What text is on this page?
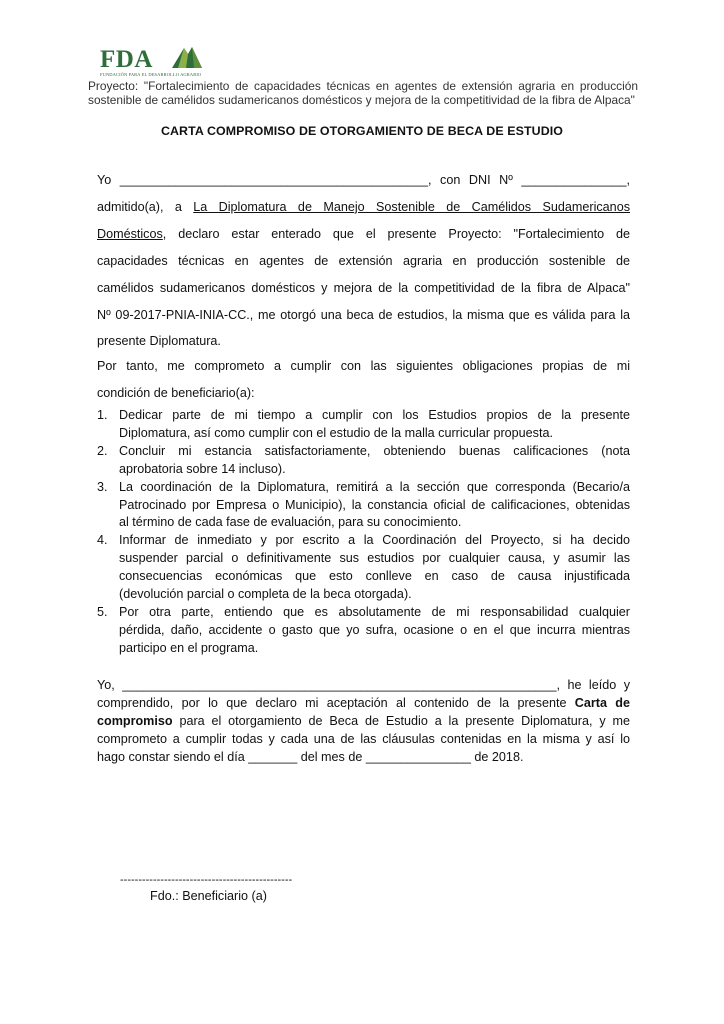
FDA
FUNDACIÓN PARA EL DESARROLLO AGRARIO
Proyecto: "Fortalecimiento de capacidades técnicas en agentes de extensión agraria en producción
sostenible de camélidos sudamericanos domésticos y mejora de la competitividad de la fibra de Alpaca"
CARTA COMPROMISO DE OTORGAMIENTO DE BECA DE ESTUDIO
Yo ____________________________________________, con DNI Nº _______________,
admitido(a), a La Diplomatura de Manejo Sostenible de Camélidos Sudamericanos
Domésticos, declaro estar enterado que el presente Proyecto: "Fortalecimiento de
capacidades técnicas en agentes de extensión agraria en producción sostenible de
camélidos sudamericanos domésticos y mejora de la competitividad de la fibra de Alpaca"
Nº 09-2017-PNIA-INIA-CC., me otorgó una beca de estudios, la misma que es válida para la
presente Diplomatura.
Por tanto, me comprometo a cumplir con las siguientes obligaciones propias de mi
condición de beneficiario(a):
1. Dedicar parte de mi tiempo a cumplir con los Estudios propios de la presente
Diplomatura, así como cumplir con el estudio de la malla curricular propuesta.
2. Concluir mi estancia satisfactoriamente, obteniendo buenas calificaciones (nota
aprobatoria sobre 14 incluso).
3. La coordinación de la Diplomatura, remitirá a la sección que corresponda (Becario/a
Patrocinado por Empresa o Municipio), la constancia oficial de calificaciones, obtenidas
al término de cada fase de evaluación, para su conocimiento.
4. Informar de inmediato y por escrito a la Coordinación del Proyecto, si ha decido
suspender parcial o definitivamente sus estudios por cualquier causa, y asumir las
consecuencias económicas que esto conlleve en caso de causa injustificada
(devolución parcial o completa de la beca otorgada).
5. Por otra parte, entiendo que es absolutamente de mi responsabilidad cualquier
pérdida, daño, accidente o gasto que yo sufra, ocasione o en el que incurra mientras
participo en el programa.
Yo, ______________________________________________________________, he leído y
comprendido, por lo que declaro mi aceptación al contenido de la presente Carta de
compromiso para el otorgamiento de Beca de Estudio a la presente Diplomatura, y me
comprometo a cumplir todas y cada una de las cláusulas contenidas en la misma y así lo
hago constar siendo el día _______ del mes de _______________ de 2018.
-----------------------------------------------
Fdo.: Beneficiario (a)
